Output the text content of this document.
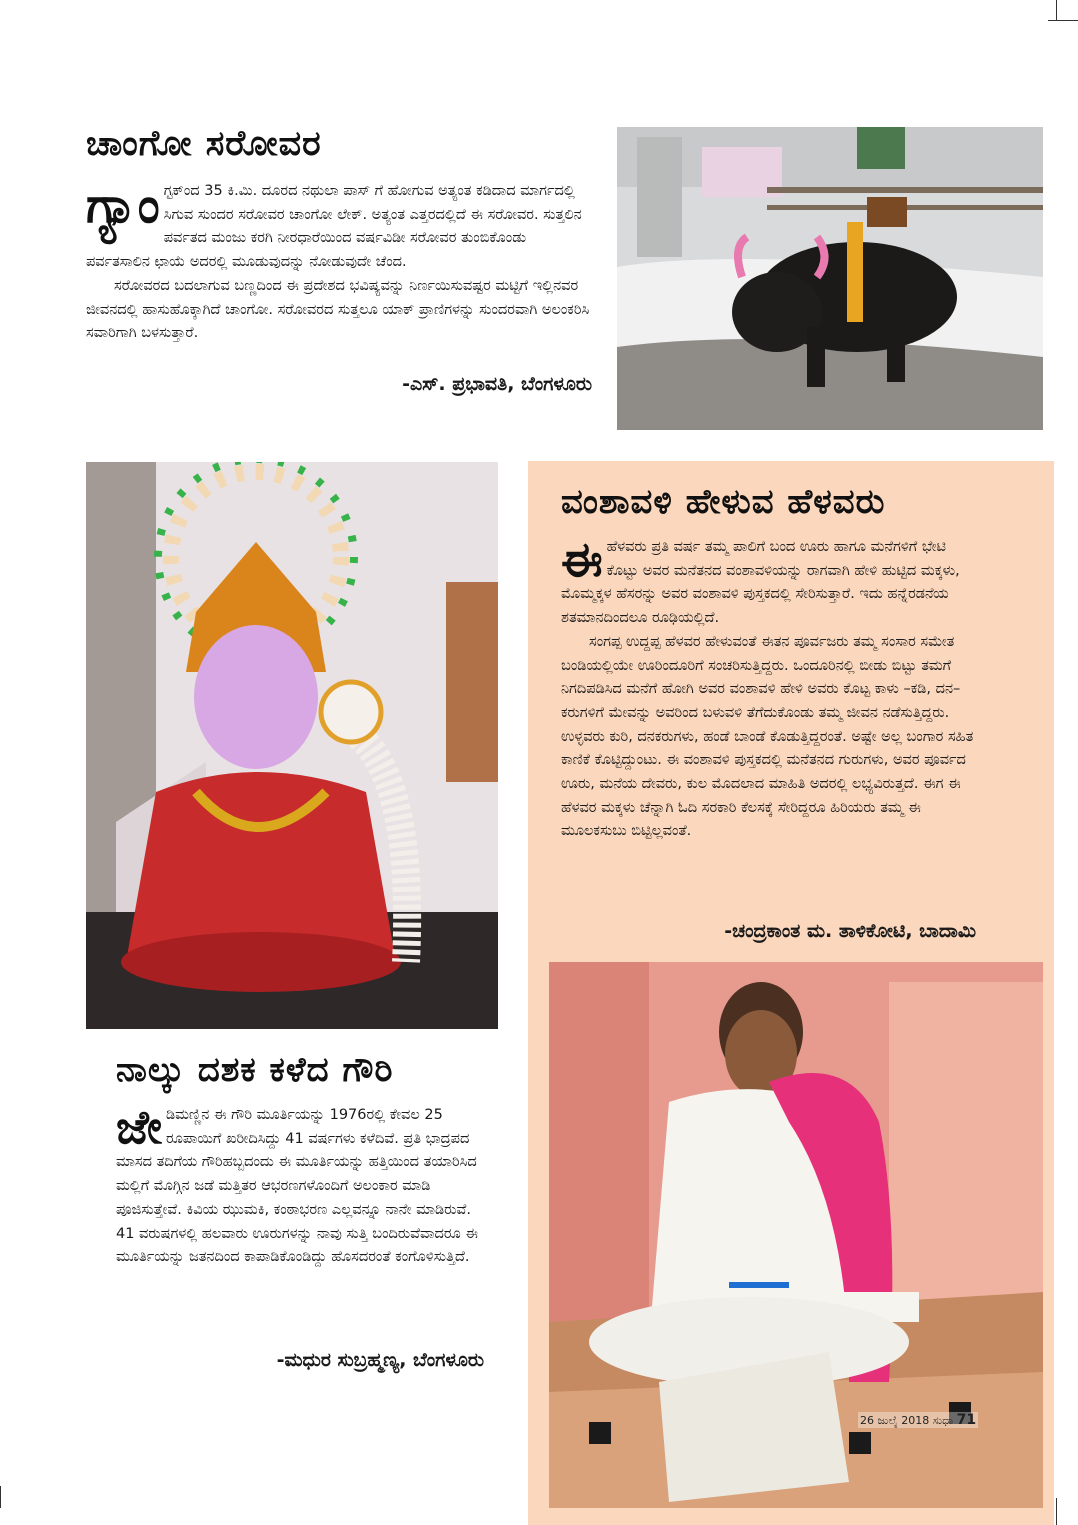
ಚಾಂಗೋ ಸರೋವರ
ಗ್ಯಾಂ ಗ್ಟಕ್‌ಂದ 35 ಕಿ.ಮಿ. ದೂರದ ನಥುಲಾ ಪಾಸ್ ಗೆ ಹೋಗುವ ಅತ್ಯಂತ ಕಡಿದಾದ ಮಾರ್ಗದಲ್ಲಿ ಸಿಗುವ ಸುಂದರ ಸರೋವರ ಚಾಂಗೋ ಲೇಕ್. ಅತ್ಯಂತ ಎತ್ತರದಲ್ಲಿದೆ ಈ ಸರೋವರ. ಸುತ್ತಲಿನ ಪರ್ವತದ ಮಂಜು ಕರಗಿ ನೀರಧಾರೆಯಿಂದ ವರ್ಷವಿಡೀ ಸರೋವರ ತುಂಬಿಕೊಂಡು ಪರ್ವತಸಾಲಿನ ಛಾಯೆ ಅದರಲ್ಲಿ ಮೂಡುವುದನ್ನು ನೋಡುವುದೇ ಚೆಂದ.

ಸರೋವರದ ಬದಲಾಗುವ ಬಣ್ಣದಿಂದ ಈ ಪ್ರದೇಶದ ಭವಿಷ್ಯವನ್ನು ನಿರ್ಣಯಿಸುವಷ್ಟರ ಮಟ್ಟಿಗೆ ಇಲ್ಲಿನವರ ಜೀವನದಲ್ಲಿ ಹಾಸುಹೊಕ್ಕಾಗಿದೆ ಚಾಂಗೋ. ಸರೋವರದ ಸುತ್ತಲೂ ಯಾಕ್ ಪ್ರಾಣಿಗಳನ್ನು ಸುಂದರವಾಗಿ ಅಲಂಕರಿಸಿ ಸವಾರಿಗಾಗಿ ಬಳಸುತ್ತಾರೆ.

-ಎಸ್. ಪ್ರಭಾವತಿ, ಬೆಂಗಳೂರು
ವಂಶಾವಳಿ ಹೇಳುವ ಹೆಳವರು
ಈ ಹೆಳವರು ಪ್ರತಿ ವರ್ಷ ತಮ್ಮ ಪಾಲಿಗೆ ಬಂದ ಊರು ಹಾಗೂ ಮನೆಗಳಿಗೆ ಭೇಟಿ ಕೊಟ್ಟು ಅವರ ಮನೆತನದ ವಂಶಾವಳಿಯನ್ನು ರಾಗವಾಗಿ ಹೇಳಿ ಹುಟ್ಟಿದ ಮಕ್ಕಳು, ಮೊಮ್ಮಕ್ಕಳ ಹೆಸರನ್ನು ಅವರ ವಂಶಾವಳಿ ಪುಸ್ತಕದಲ್ಲಿ ಸೇರಿಸುತ್ತಾರೆ. ಇದು ಹನ್ನೆರಡನೆಯ ಶತಮಾನದಿಂದಲೂ ರೂಢಿಯಲ್ಲಿದೆ.

ಸಂಗಪ್ಪ ಉದ್ದಪ್ಪ ಹೆಳವರ ಹೇಳುವಂತೆ ಈತನ ಪೂರ್ವಜರು ತಮ್ಮ ಸಂಸಾರ ಸಮೇತ ಬಂಡಿಯಲ್ಲಿಯೇ ಊರಿಂದೂರಿಗೆ ಸಂಚರಿಸುತ್ತಿದ್ದರು. ಒಂದೂರಿನಲ್ಲಿ ಬೀಡು ಬಿಟ್ಟು ತಮಗೆ ನಿಗದಿಪಡಿಸಿದ ಮನೆಗೆ ಹೋಗಿ ಅವರ ವಂಶಾವಳಿ ಹೇಳಿ ಅವರು ಕೊಟ್ಟ ಕಾಳು –ಕಡಿ, ದನ–ಕರುಗಳಿಗೆ ಮೇವನ್ನು ಅವರಿಂದ ಬಳುವಳಿ ತೆಗೆದುಕೊಂಡು ತಮ್ಮ ಜೀವನ ನಡೆಸುತ್ತಿದ್ದರು. ಉಳ್ಳವರು ಕುರಿ, ದನಕರುಗಳು, ಹಂಡೆ ಬಾಂಡೆ ಕೊಡುತ್ತಿದ್ದರಂತೆ. ಅಷ್ಟೇ ಅಲ್ಲ ಬಂಗಾರ ಸಹಿತ ಕಾಣಿಕೆ ಕೊಟ್ಟಿದ್ದುಂಟು. ಈ ವಂಶಾವಳಿ ಪುಸ್ತಕದಲ್ಲಿ ಮನೆತನದ ಗುರುಗಳು, ಅವರ ಪೂರ್ವದ ಊರು, ಮನೆಯ ದೇವರು, ಕುಲ ಮೊದಲಾದ ಮಾಹಿತಿ ಅದರಲ್ಲಿ ಲಭ್ಯವಿರುತ್ತದೆ. ಈಗ ಈ ಹೆಳವರ ಮಕ್ಕಳು ಚೆನ್ನಾಗಿ ಓದಿ ಸರಕಾರಿ ಕೆಲಸಕ್ಕೆ ಸೇರಿದ್ದರೂ ಹಿರಿಯರು ತಮ್ಮ ಈ ಮೂಲಕಸುಬು ಬಿಟ್ಟಿಲ್ಲವಂತೆ.

-ಚಂದ್ರಕಾಂತ ಮ. ತಾಳಿಕೋಟಿ, ಬಾದಾಮಿ
26 ಜುಲೈ 2018 ಸುಧಾ 71
ನಾಲ್ಕು ದಶಕ ಕಳೆದ ಗೌರಿ
ಜೇ ಡಿಮಣ್ಣಿನ ಈ ಗೌರಿ ಮೂರ್ತಿಯನ್ನು 1976ರಲ್ಲಿ ಕೇವಲ 25 ರೂಪಾಯಿಗೆ ಖರೀದಿಸಿದ್ದು 41 ವರ್ಷಗಳು ಕಳೆದಿವೆ. ಪ್ರತಿ ಭಾದ್ರಪದ ಮಾಸದ ತದಿಗೆಯ ಗೌರಿಹಬ್ಬದಂದು ಈ ಮೂರ್ತಿಯನ್ನು ಹತ್ತಿಯಿಂದ ತಯಾರಿಸಿದ ಮಲ್ಲಿಗೆ ಮೊಗ್ಗಿನ ಜಡೆ ಮತ್ತಿತರ ಆಭರಣಗಳೊಂದಿಗೆ ಅಲಂಕಾರ ಮಾಡಿ ಪೂಜಿಸುತ್ತೇವೆ. ಕಿವಿಯ ಝುಮಕಿ, ಕಂಠಾಭರಣ ಎಲ್ಲವನ್ನೂ ನಾನೇ ಮಾಡಿರುವೆ. 41 ವರುಷಗಳಲ್ಲಿ ಹಲವಾರು ಊರುಗಳನ್ನು ನಾವು ಸುತ್ತಿ ಬಂದಿರುವೆವಾದರೂ ಈ ಮೂರ್ತಿಯನ್ನು ಜತನದಿಂದ ಕಾಪಾಡಿಕೊಂಡಿದ್ದು ಹೊಸದರಂತೆ ಕಂಗೊಳಿಸುತ್ತಿದೆ.

-ಮಧುರ ಸುಬ್ರಹ್ಮಣ್ಯ, ಬೆಂಗಳೂರು
